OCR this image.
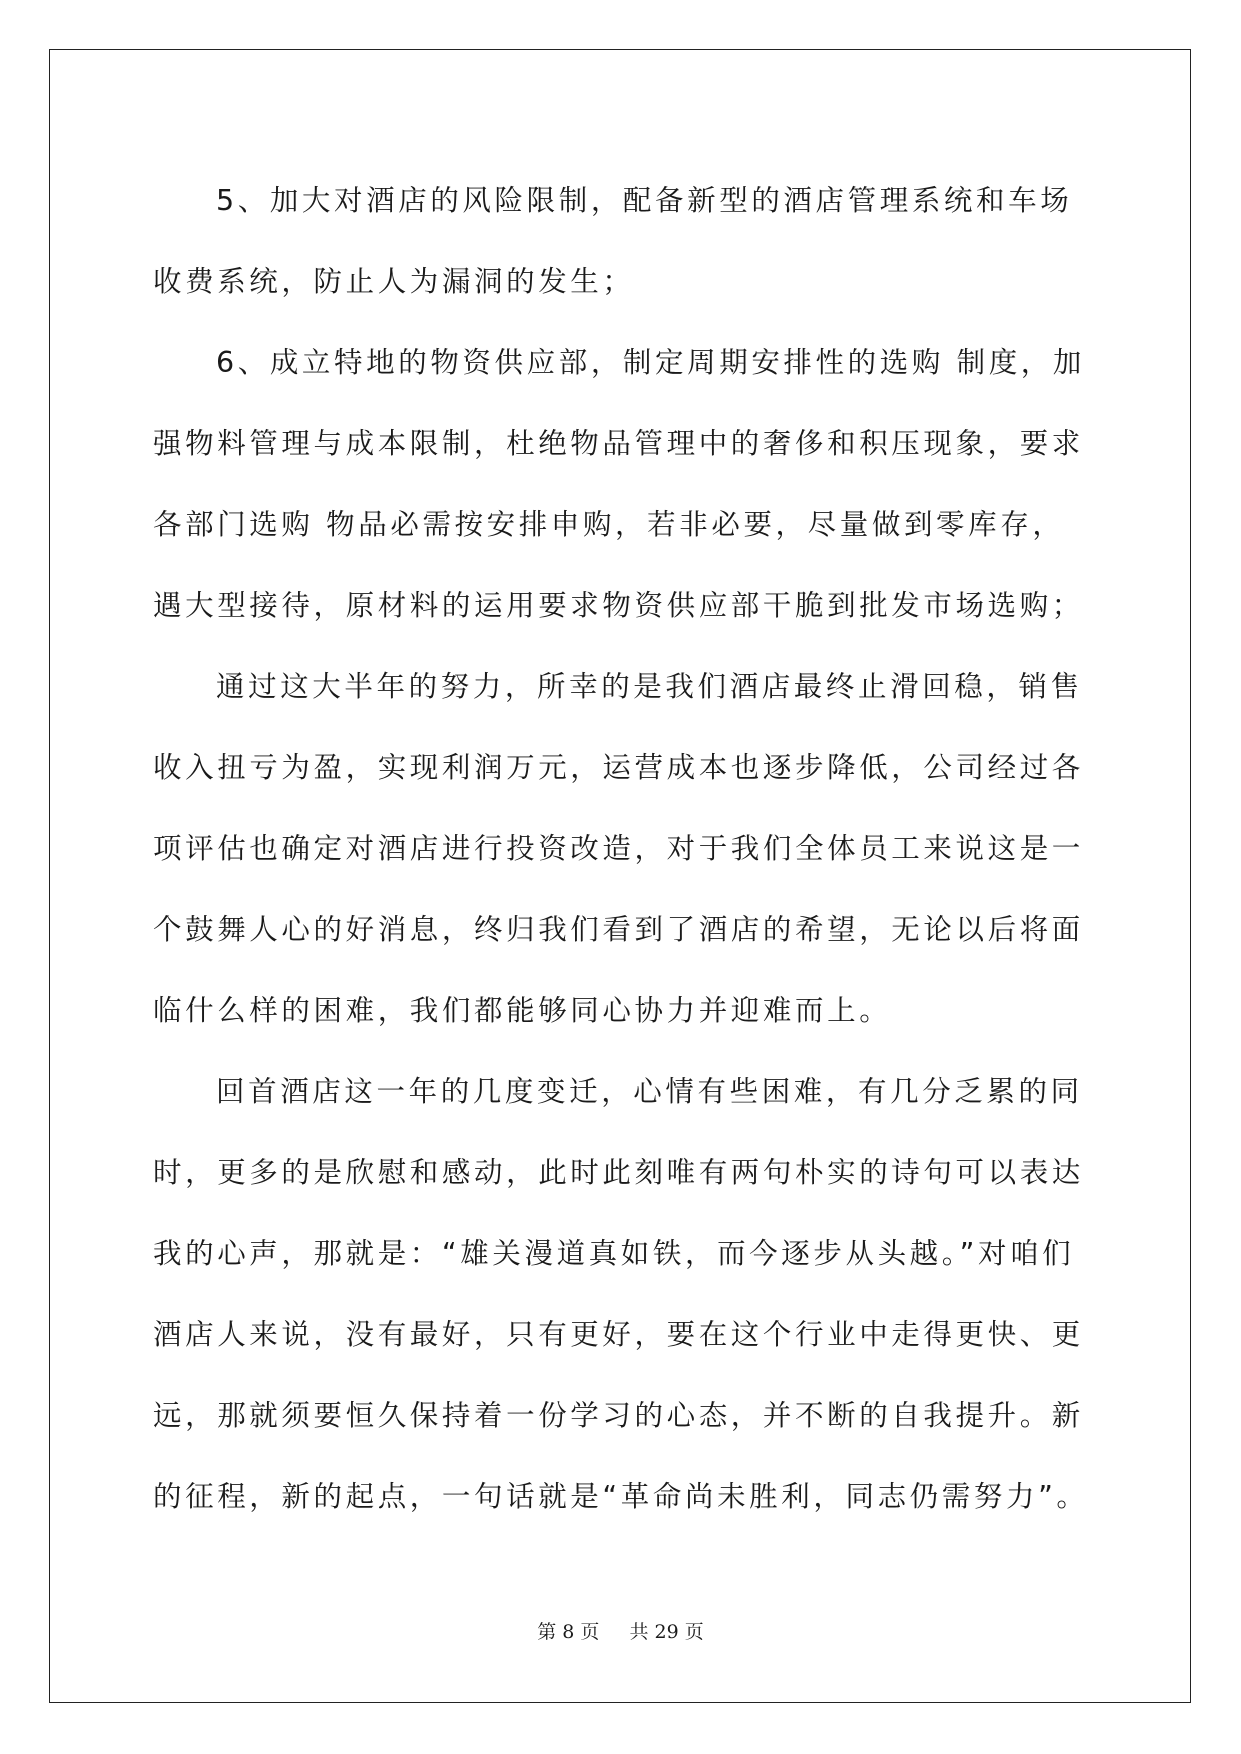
5、加大对酒店的风险限制，配备新型的酒店管理系统和车场收费系统，防止人为漏洞的发生；

6、成立特地的物资供应部，制定周期安排性的选购 制度，加强物料管理与成本限制，杜绝物品管理中的奢侈和积压现象，要求各部门选购 物品必需按安排申购，若非必要，尽量做到零库存，遇大型接待，原材料的运用要求物资供应部干脆到批发市场选购；

通过这大半年的努力，所幸的是我们酒店最终止滑回稳，销售收入扭亏为盈，实现利润万元，运营成本也逐步降低，公司经过各项评估也确定对酒店进行投资改造，对于我们全体员工来说这是一个鼓舞人心的好消息，终归我们看到了酒店的希望，无论以后将面临什么样的困难，我们都能够同心协力并迎难而上。

回首酒店这一年的几度变迁，心情有些困难，有几分乏累的同时，更多的是欣慰和感动，此时此刻唯有两句朴实的诗句可以表达我的心声，那就是：“雄关漫道真如铁，而今逐步从头越。”对咱们酒店人来说，没有最好，只有更好，要在这个行业中走得更快、更远，那就须要恒久保持着一份学习的心态，并不断的自我提升。新的征程，新的起点，一句话就是“革命尚未胜利，同志仍需努力”。

第 8 页 共 29 页
